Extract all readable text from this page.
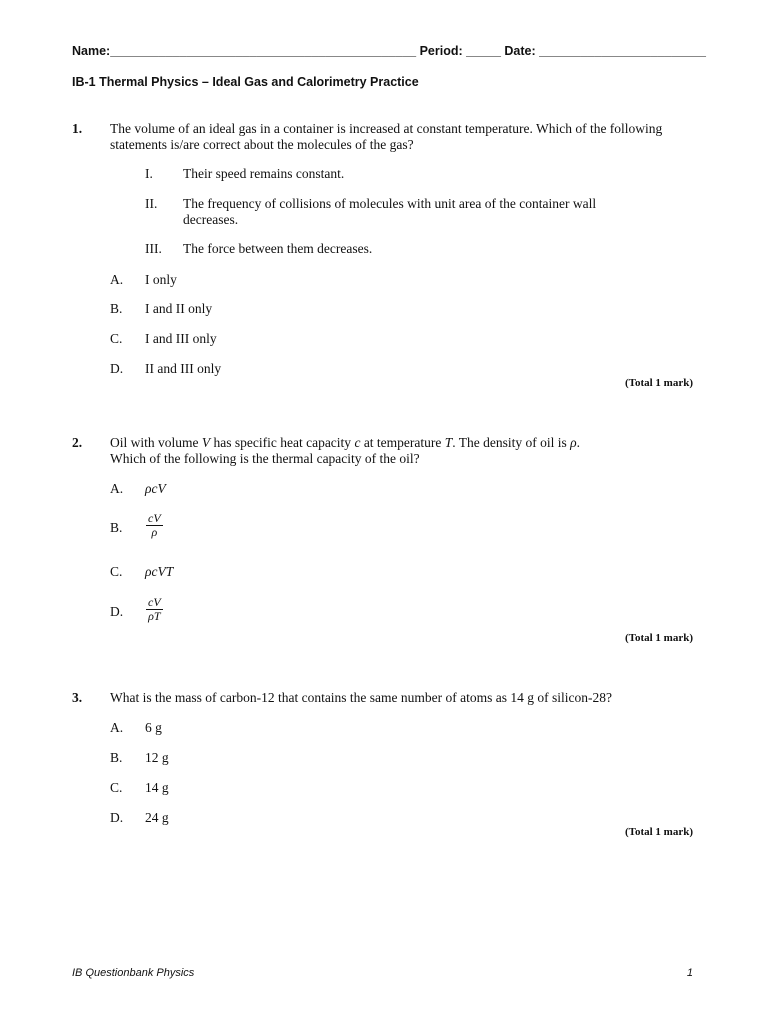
Name:____________________________________________ Period: _____ Date: ________________________
IB-1 Thermal Physics – Ideal Gas and Calorimetry Practice
1. The volume of an ideal gas in a container is increased at constant temperature. Which of the following statements is/are correct about the molecules of the gas?
I. Their speed remains constant.
II. The frequency of collisions of molecules with unit area of the container wall decreases.
III. The force between them decreases.
A. I only
B. I and II only
C. I and III only
D. II and III only
(Total 1 mark)
2. Oil with volume V has specific heat capacity c at temperature T. The density of oil is ρ.
Which of the following is the thermal capacity of the oil?
A. ρcV
B. $\frac{cV}{\rho}$
C. ρcVT
D. $\frac{cV}{\rho T}$
(Total 1 mark)
3. What is the mass of carbon-12 that contains the same number of atoms as 14 g of silicon-28?
A. 6 g
B. 12 g
C. 14 g
D. 24 g
(Total 1 mark)
IB Questionbank Physics	1
